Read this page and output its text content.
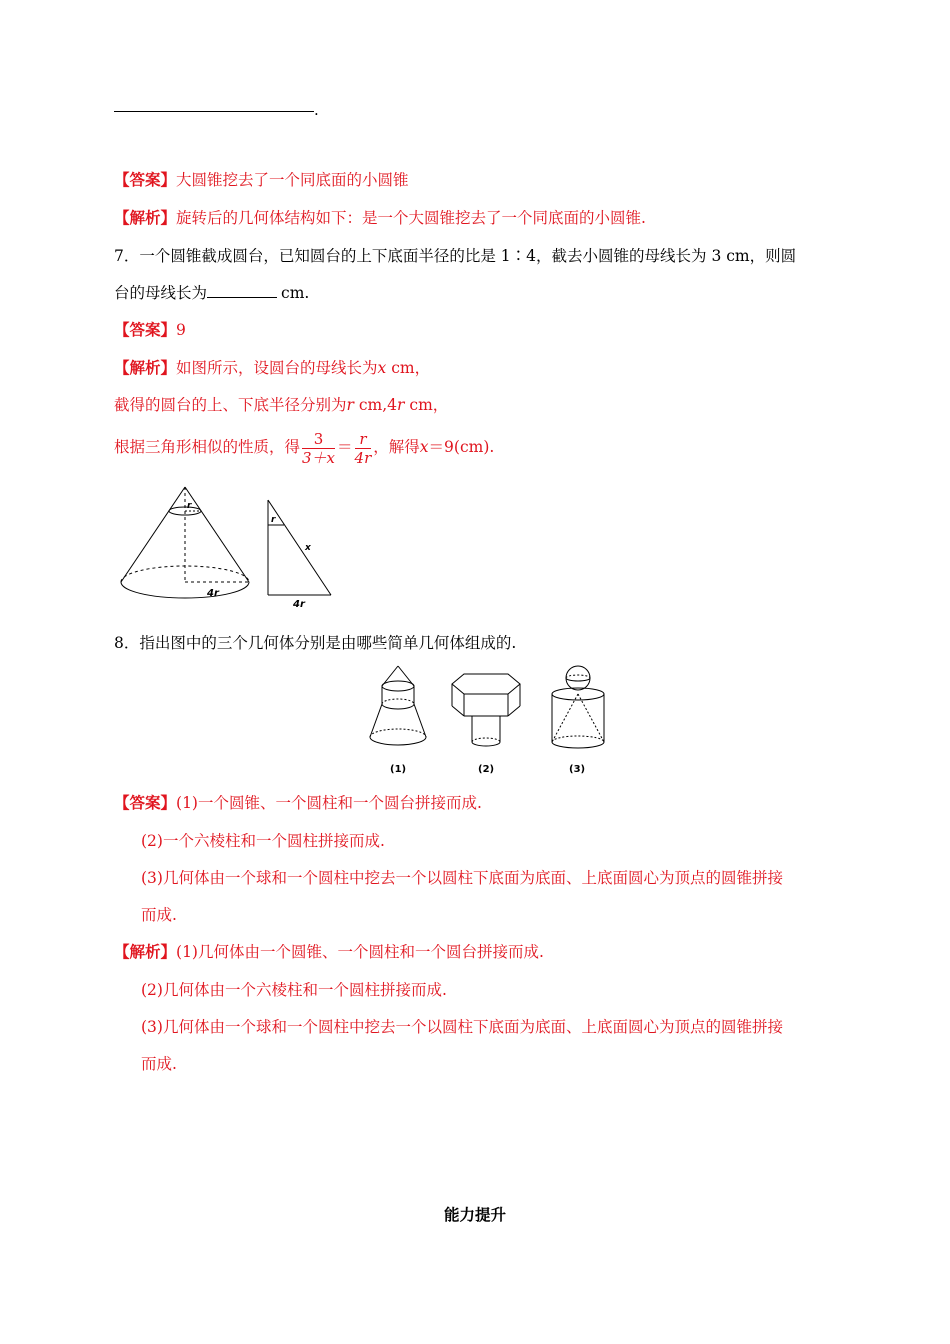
.
【答案】大圆锥挖去了一个同底面的小圆锥
【解析】旋转后的几何体结构如下：是一个大圆锥挖去了一个同底面的小圆锥.
7．一个圆锥截成圆台，已知圆台的上下底面半径的比是 1∶4，截去小圆锥的母线长为 3 cm，则圆
台的母线长为	cm.
【答案】9
【解析】如图所示，设圆台的母线长为x cm，
截得的圆台的上、下底半径分别为r cm,4r cm，
根据三角形相似的性质，得 $\frac{3}{3+x} = \frac{r}{4r}$ ，解得x＝9(cm).
r
4r
r
x
4r
8．指出图中的三个几何体分别是由哪些简单几何体组成的.
(1)	(2)	(3)
【答案】(1)一个圆锥、一个圆柱和一个圆台拼接而成.
(2)一个六棱柱和一个圆柱拼接而成.
(3)几何体由一个球和一个圆柱中挖去一个以圆柱下底面为底面、上底面圆心为顶点的圆锥拼接
而成.
【解析】(1)几何体由一个圆锥、一个圆柱和一个圆台拼接而成.
(2)几何体由一个六棱柱和一个圆柱拼接而成.
(3)几何体由一个球和一个圆柱中挖去一个以圆柱下底面为底面、上底面圆心为顶点的圆锥拼接
而成.
能力提升
